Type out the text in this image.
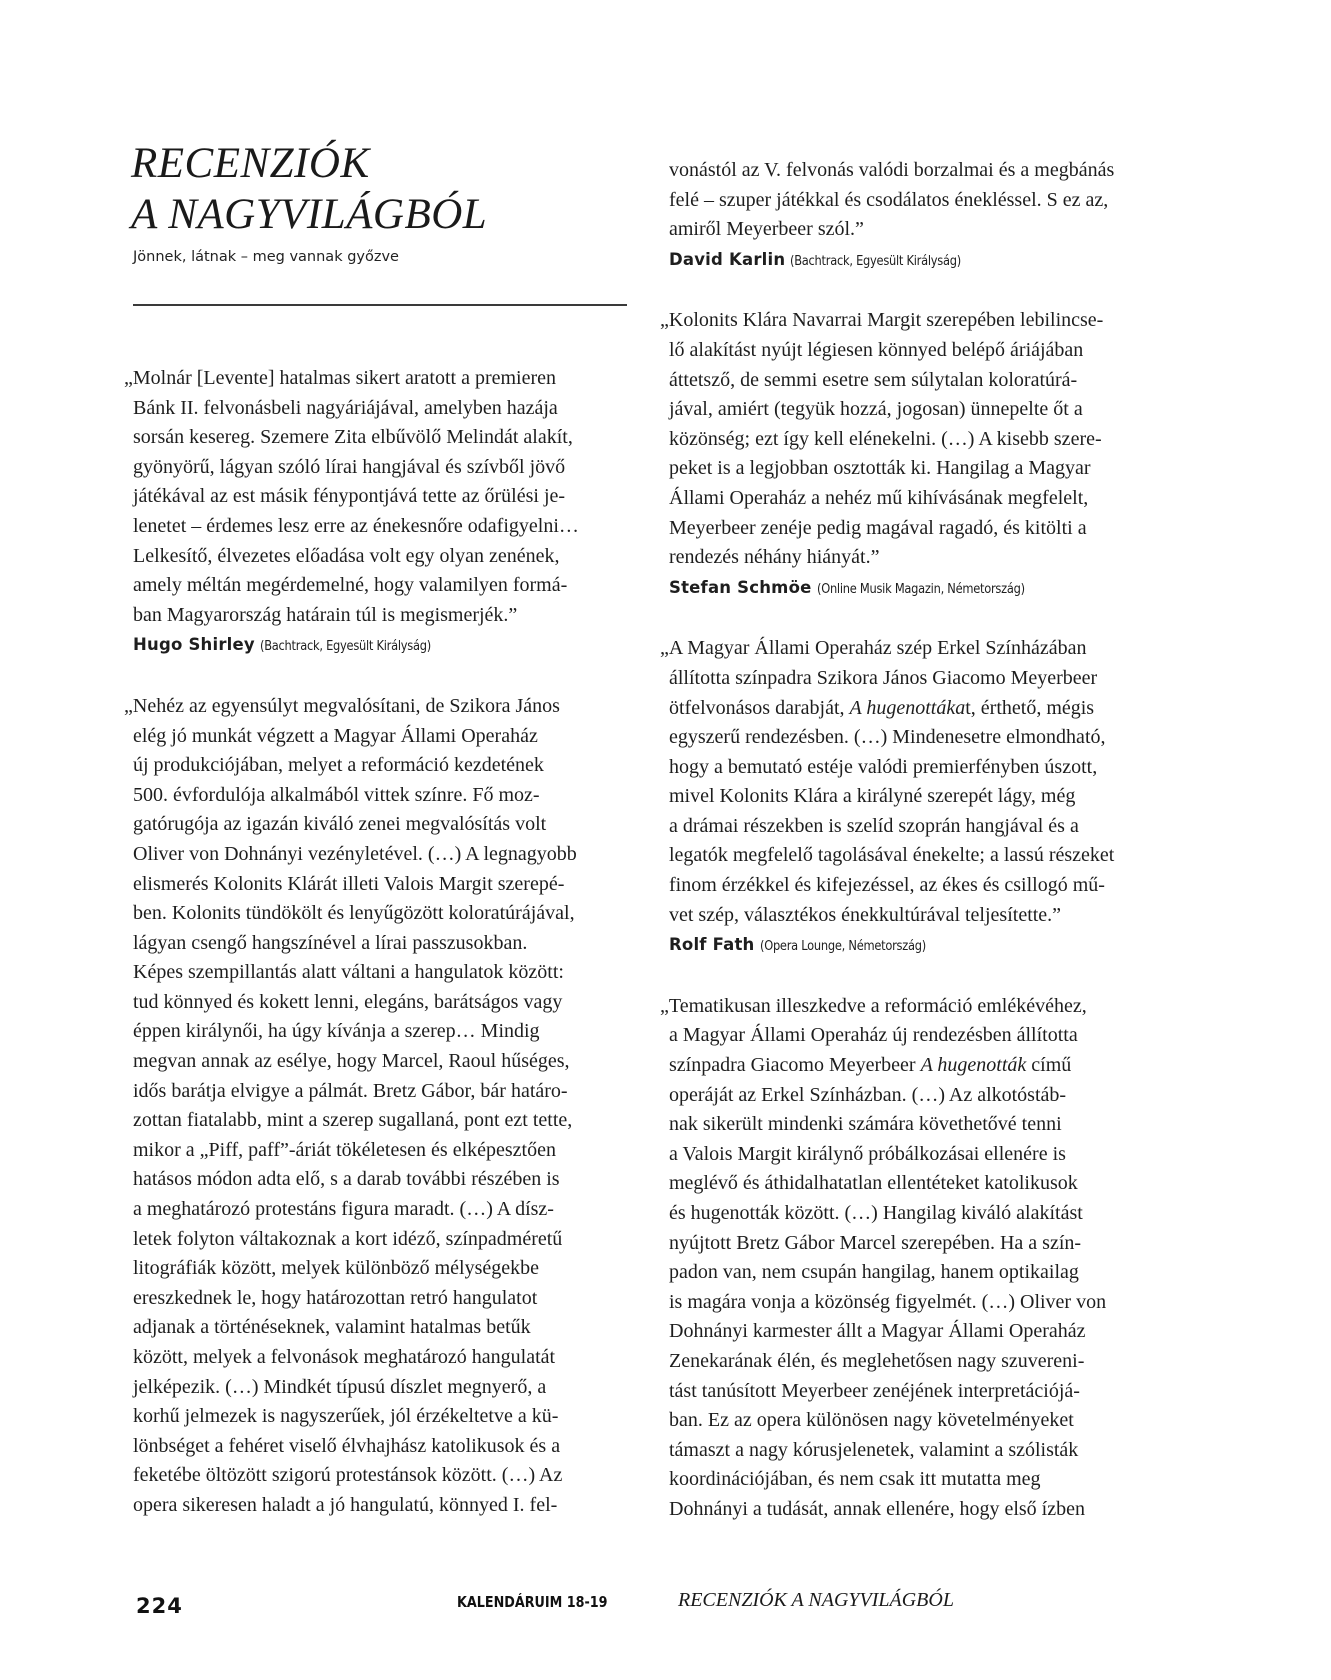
RECENZIÓK
A NAGYVILÁGBÓL
Jönnek, látnak – meg vannak győzve
„Molnár [Levente] hatalmas sikert aratott a premieren
Bánk II. felvonásbeli nagyáriájával, amelyben hazája
sorsán kesereg. Szemere Zita elbűvölő Melindát alakít,
gyönyörű, lágyan szóló lírai hangjával és szívből jövő
játékával az est másik fénypontjává tette az őrülési je-
lenetet – érdemes lesz erre az énekesnőre odafigyelni…
Lelkesítő, élvezetes előadása volt egy olyan zenének,
amely méltán megérdemelné, hogy valamilyen formá-
ban Magyarország határain túl is megismerjék.”
Hugo Shirley (Bachtrack, Egyesült Királyság)
„Nehéz az egyensúlyt megvalósítani, de Szikora János
elég jó munkát végzett a Magyar Állami Operaház
új produkciójában, melyet a reformáció kezdetének
500. évfordulója alkalmából vittek színre. Fő moz-
gatórugója az igazán kiváló zenei megvalósítás volt
Oliver von Dohnányi vezényletével. (…) A legnagyobb
elismerés Kolonits Klárát illeti Valois Margit szerepé-
ben. Kolonits tündökölt és lenyűgözött koloratúrájával,
lágyan csengő hangszínével a lírai passzusokban.
Képes szempillantás alatt váltani a hangulatok között:
tud könnyed és kokett lenni, elegáns, barátságos vagy
éppen királynői, ha úgy kívánja a szerep… Mindig
megvan annak az esélye, hogy Marcel, Raoul hűséges,
idős barátja elvigye a pálmát. Bretz Gábor, bár határo-
zottan fiatalabb, mint a szerep sugallaná, pont ezt tette,
mikor a „Piff, paff”-áriát tökéletesen és elképesztően
hatásos módon adta elő, s a darab további részében is
a meghatározó protestáns figura maradt. (…) A dísz-
letek folyton váltakoznak a kort idéző, színpadméretű
litográfiák között, melyek különböző mélységekbe
ereszkednek le, hogy határozottan retró hangulatot
adjanak a történéseknek, valamint hatalmas betűk
között, melyek a felvonások meghatározó hangulatát
jelképezik. (…) Mindkét típusú díszlet megnyerő, a
korhű jelmezek is nagyszerűek, jól érzékeltetve a kü-
lönbséget a fehéret viselő élvhajhász katolikusok és a
feketébe öltözött szigorú protestánsok között. (…) Az
opera sikeresen haladt a jó hangulatú, könnyed I. fel-
vonástól az V. felvonás valódi borzalmai és a megbánás
felé – szuper játékkal és csodálatos énekléssel. S ez az,
amiről Meyerbeer szól.”
David Karlin (Bachtrack, Egyesült Királyság)
„Kolonits Klára Navarrai Margit szerepében lebilincse-
lő alakítást nyújt légiesen könnyed belépő áriájában
áttetsző, de semmi esetre sem súlytalan koloratúrá-
jával, amiért (tegyük hozzá, jogosan) ünnepelte őt a
közönség; ezt így kell elénekelni. (…) A kisebb szere-
peket is a legjobban osztották ki. Hangilag a Magyar
Állami Operaház a nehéz mű kihívásának megfelelt,
Meyerbeer zenéje pedig magával ragadó, és kitölti a
rendezés néhány hiányát.”
Stefan Schmöe (Online Musik Magazin, Németország)
„A Magyar Állami Operaház szép Erkel Színházában
állította színpadra Szikora János Giacomo Meyerbeer
ötfelvonásos darabját, A hugenottákat, érthető, mégis
egyszerű rendezésben. (…) Mindenesetre elmondható,
hogy a bemutató estéje valódi premierfényben úszott,
mivel Kolonits Klára a királyné szerepét lágy, még
a drámai részekben is szelíd szoprán hangjával és a
legatók megfelelő tagolásával énekelte; a lassú részeket
finom érzékkel és kifejezéssel, az ékes és csillogó mű-
vet szép, választékos énekkultúrával teljesítette.”
Rolf Fath (Opera Lounge, Németország)
„Tematikusan illeszkedve a reformáció emlékévéhez,
a Magyar Állami Operaház új rendezésben állította
színpadra Giacomo Meyerbeer A hugenották című
operáját az Erkel Színházban. (…) Az alkotóstáb-
nak sikerült mindenki számára követhetővé tenni
a Valois Margit királynő próbálkozásai ellenére is
meglévő és áthidalhatatlan ellentéteket katolikusok
és hugenották között. (…) Hangilag kiváló alakítást
nyújtott Bretz Gábor Marcel szerepében. Ha a szín-
padon van, nem csupán hangilag, hanem optikailag
is magára vonja a közönség figyelmét. (…) Oliver von
Dohnányi karmester állt a Magyar Állami Operaház
Zenekarának élén, és meglehetősen nagy szuvereni-
tást tanúsított Meyerbeer zenéjének interpretációjá-
ban. Ez az opera különösen nagy követelményeket
támaszt a nagy kórusjelenetek, valamint a szólisták
koordinációjában, és nem csak itt mutatta meg
Dohnányi a tudását, annak ellenére, hogy első ízben
224	KALENDÁRUIM 18-19	RECENZIÓK A NAGYVILÁGBÓL
